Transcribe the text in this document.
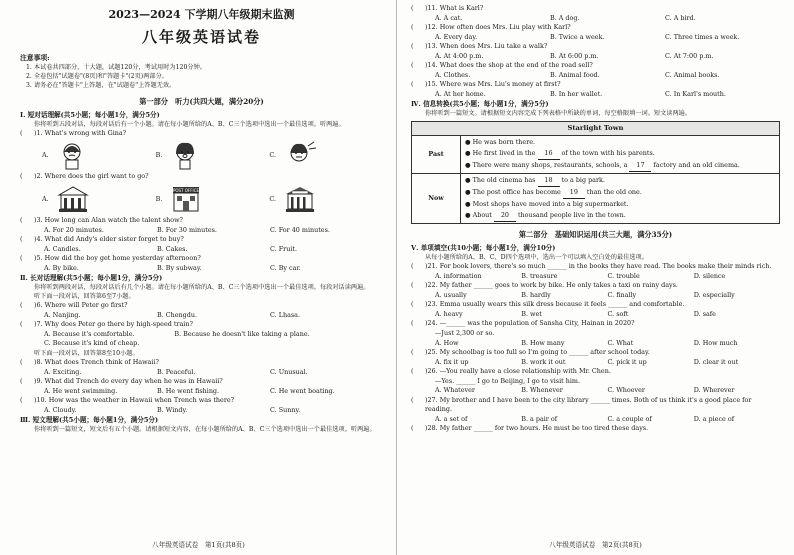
2023—2024 下学期八年级期末监测
八年级英语试卷
注意事项:
1. 本试卷共四部分，十大题，试题120分，考试用时为120分钟。
2. 全卷包括"试题卷"(8页)和"答题卡"(2页)两部分。
3. 请务必在"答题卡"上答题，在"试题卷"上答题无效。
第一部分　听力(共四大题，满分20分)
Ⅰ. 短对话理解(共5小题；每小题1分，满分5分)
你将听到五段对话，每段对话后有一个小题。请在每小题所给的A、B、C三个选项中选出一个最佳选项。听两遍。
( )1. What's wrong with Gina?
A.	B.	C.
( )2. Where does the girl want to go?
A.	B.
POST OFFICE
C.
( )3. How long can Alan watch the talent show?
A. For 20 minutes.	B. For 30 minutes.	C. For 40 minutes.
( )4. What did Andy's elder sister forget to buy?
A. Candles.	B. Cakes.	C. Fruit.
( )5. How did the boy get home yesterday afternoon?
A. By bike.	B. By subway.	C. By car.
Ⅱ. 长对话理解(共5小题；每小题1分，满分5分)
你将听到两段对话，每段对话后有几个小题。请在每小题所给的A、B、C三个选项中选出一个最佳选项。每段对话读两遍。
听下面一段对话，回答第6至7小题。
( )6. Where will Peter go first?
A. Nanjing.	B. Chengdu.	C. Lhasa.
( )7. Why does Peter go there by high-speed train?
A. Because it's comfortable.	B. Because he doesn't like taking a plane.
C. Because it's kind of cheap.
听下面一段对话，回答第8至10小题。
( )8. What does Trench think of Hawaii?
A. Exciting.	B. Peaceful.	C. Unusual.
( )9. What did Trench do every day when he was in Hawaii?
A. He went swimming.	B. He went fishing.	C. He went boating.
( )10. How was the weather in Hawaii when Trench was there?
A. Cloudy.	B. Windy.	C. Sunny.
Ⅲ. 短文理解(共5小题；每小题1分，满分5分)
你将听到一篇短文，短文后有五个小题。请根据短文内容，在每小题所给的A、B、C三个选项中选出一个最佳选项。听两遍。
八年级英语试卷　第1页(共8页)
( )11. What is Karl?
A. A cat.	B. A dog.	C. A bird.
( )12. How often does Mrs. Liu play with Karl?
A. Every day.	B. Twice a week.	C. Three times a week.
( )13. When does Mrs. Liu take a walk?
A. At 4:00 p.m.	B. At 6:00 p.m.	C. At 7:00 p.m.
( )14. What does the shop at the end of the road sell?
A. Clothes.	B. Animal food.	C. Animal books.
( )15. Where was Mrs. Liu's money at first?
A. At her home.	B. In her wallet.	C. In Karl's mouth.
Ⅳ. 信息转换(共5小题；每小题1分，满分5分)
你将听到一篇短文。请根据短文内容完成下列表格中所缺的单词，每空格限填一词。短文读两遍。
Starlight Town	
Past	● He was born there.
● He first lived in the 16 of the town with his parents.
● There were many shops, restaurants, schools, a 17 factory and an old cinema.

Now	● The old cinema has 18 to a big park.
● The post office has become 19 than the old one.
● Most shops have moved into a big supermarket.
● About 20 thousand people live in the town.
第二部分　基础知识运用(共三大题，满分35分)
Ⅴ. 单项填空(共10小题；每小题1分，满分10分)
从每小题所给的A、B、C、D四个选项中，选出一个可以填入空白处的最佳选项。
( )21. For book lovers, there's so much ______ in the books they have read. The books make their minds rich.
A. information	B. treasure	C. trouble	D. silence
( )22. My father ______ goes to work by bike. He only takes a taxi on rainy days.
A. usually	B. hardly	C. finally	D. especially
( )23. Emma usually wears this silk dress because it feels ______ and comfortable.
A. heavy	B. wet	C. soft	D. safe
( )24. —______ was the population of Sansha City, Hainan in 2020?
—Just 2,300 or so.
A. How	B. How many	C. What	D. How much
( )25. My schoolbag is too full so I'm going to ______ after school today.
A. fix it up	B. work it out	C. pick it up	D. clear it out
( )26. —You really have a close relationship with Mr. Chen.
—Yes. ______ I go to Beijing, I go to visit him.
A. Whatever	B. Whenever	C. Whoever	D. Wherever
( )27. My brother and I have been to the city library ______ times. Both of us think it's a good place for reading.
A. a set of	B. a pair of	C. a couple of	D. a piece of
( )28. My father ______ for two hours. He must be too tired these days.
八年级英语试卷　第2页(共8页)
